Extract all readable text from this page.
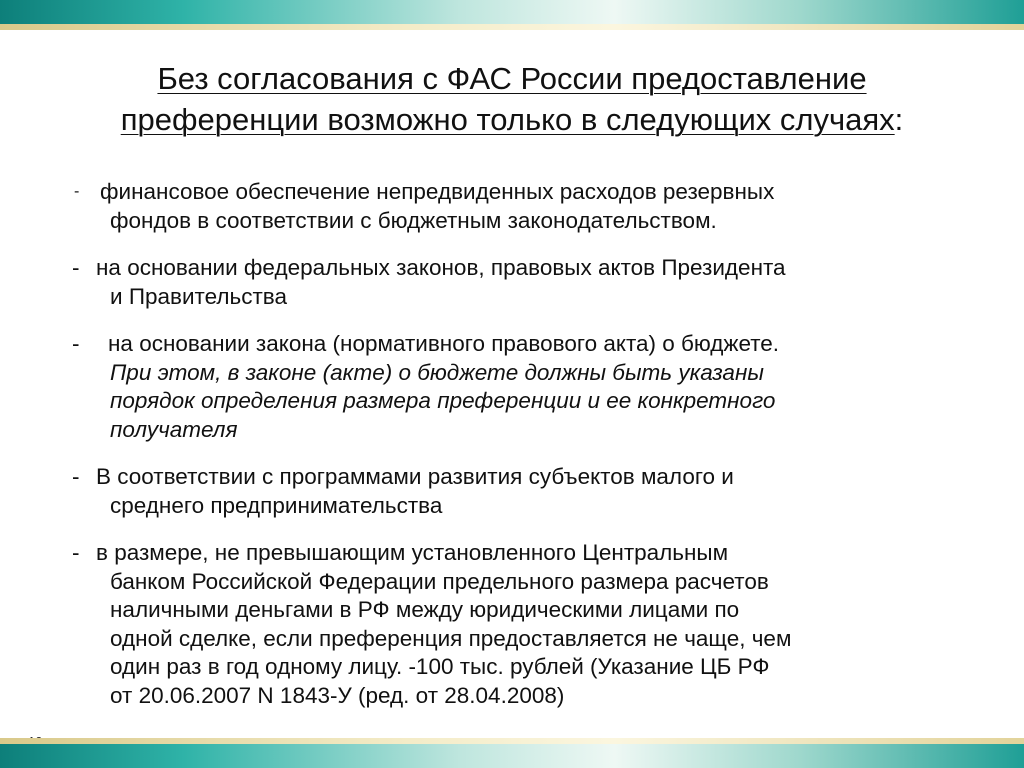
Без согласования с ФАС России предоставление
преференции возможно только в следующих случаях:
- финансовое обеспечение непредвиденных расходов резервных
фондов в соответствии с бюджетным законодательством.
- на основании федеральных законов, правовых актов Президента
и Правительства
- на основании закона (нормативного правового акта) о бюджете.
При этом, в законе (акте) о бюджете должны быть указаны
порядок определения размера преференции и ее конкретного
получателя
- В соответствии с программами развития субъектов малого и
среднего предпринимательства
- в размере, не превышающим установленного Центральным
банком Российской Федерации предельного размера расчетов
наличными деньгами в РФ между юридическими лицами по
одной сделке, если преференция предоставляется не чаще, чем
один раз в год одному лицу. -100 тыс. рублей (Указание ЦБ РФ
от 20.06.2007 N 1843-У (ред. от 28.04.2008)
